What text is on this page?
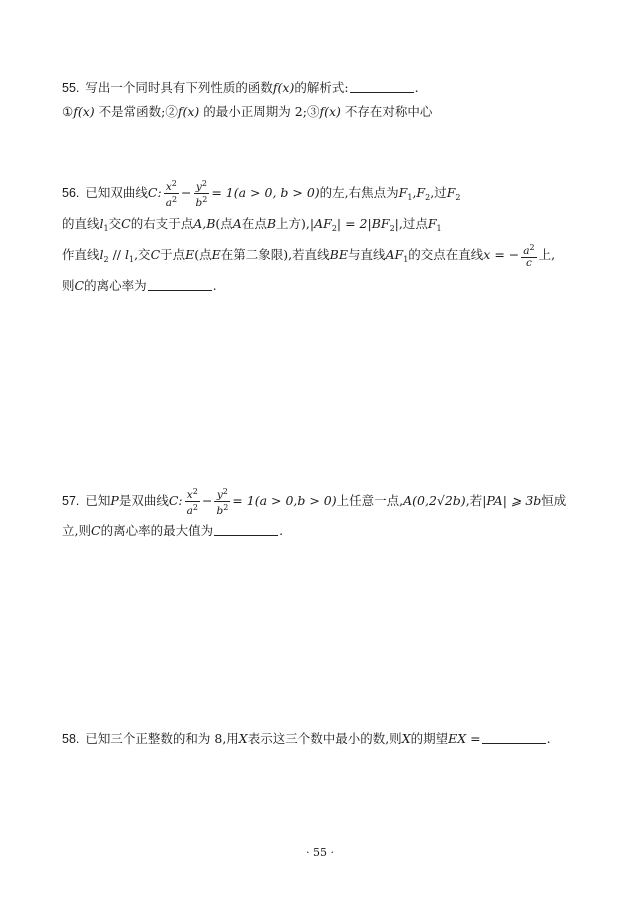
55. 写出一个同时具有下列性质的函数f(x)的解析式:	.
①f(x) 不是常函数;②f(x) 的最小正周期为 2;③f(x) 不存在对称中心
56. 已知双曲线C: $\frac{x^2}{a^2} - \frac{y^2}{b^2} = 1(a > 0$, b > 0)的左,右焦点为$F_1,F_2$,过$F_2$
的直线$l_1$交C的右支于点A,B(点A在点B上方)$,|AF_2| = 2|BF_2|$,过点$F_1$
作直线$l_2 // l_1$,交C于点E(点E在第二象限),若直线BE与直线$AF_1$的交点在直线x = − $\frac{a^2}{c}$ 上,
则C的离心率为	.
57. 已知P是双曲线C: $\frac{x^2}{a^2} - \frac{y^2}{b^2} = 1(a > 0,b > 0)$上任意一点,A(0,2√2b),若|PA| ⩾ 3b恒成
立,则C的离心率的最大值为	.
58. 已知三个正整数的和为 8,用X表示这三个数中最小的数,则X的期望EX =	.
· 55 ·
